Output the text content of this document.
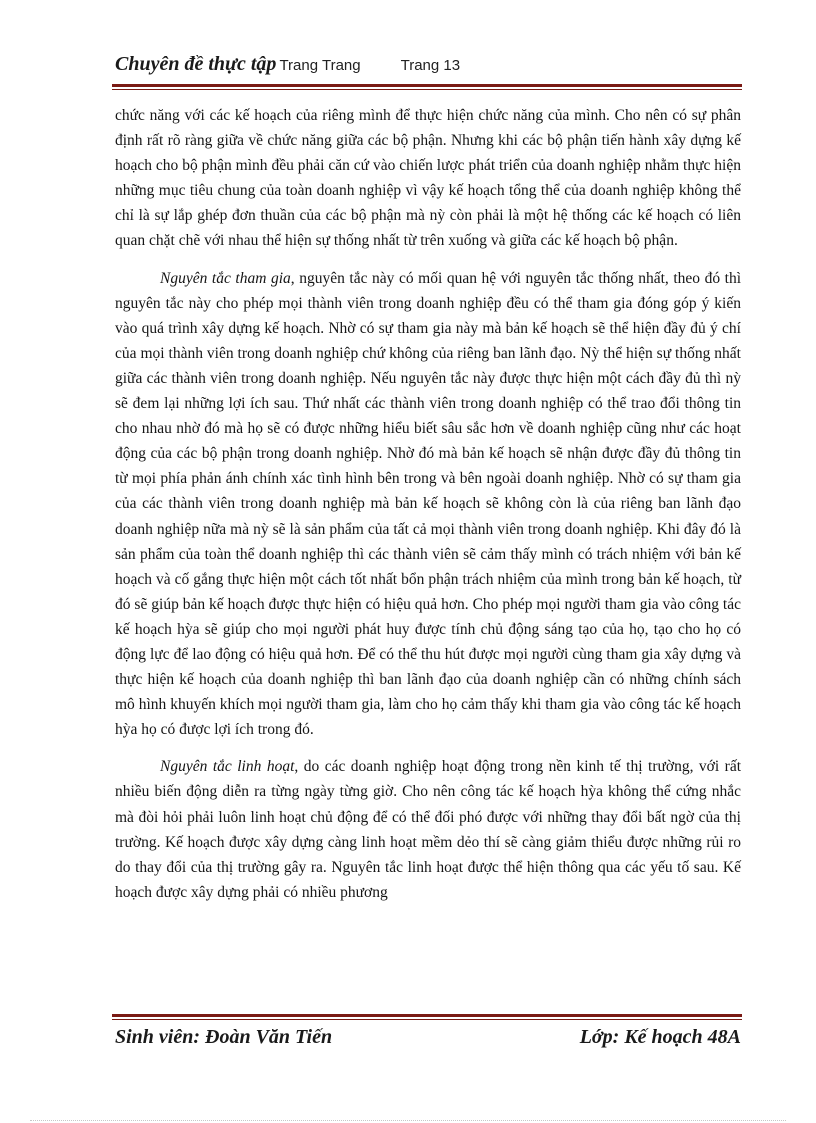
Chuyên đề thực tập Trang Trang	Trang 13

chức năng với các kế hoạch của riêng mình để thực hiện chức năng của mình. Cho nên có sự phân định rất rõ ràng giữa về chức năng giữa các bộ phận. Nhưng khi các bộ phận tiến hành xây dựng kế hoạch cho bộ phận mình đều phải căn cứ vào chiến lược phát triển của doanh nghiệp nhằm thực hiện những mục tiêu chung của toàn doanh nghiệp vì vậy kế hoạch tổng thể của doanh nghiệp không thể chỉ là sự lắp ghép đơn thuần của các bộ phận mà nỳ còn phải là một hệ thống các kế hoạch có liên quan chặt chẽ với nhau thể hiện sự thống nhất từ trên xuống và giữa các kế hoạch bộ phận.

Nguyên tắc tham gia, nguyên tắc này có mối quan hệ với nguyên tắc thống nhất, theo đó thì nguyên tắc này cho phép mọi thành viên trong doanh nghiệp đều có thể tham gia đóng góp ý kiến vào quá trình xây dựng kế hoạch. Nhờ có sự tham gia này mà bản kế hoạch sẽ thể hiện đầy đủ ý chí của mọi thành viên trong doanh nghiệp chứ không của riêng ban lãnh đạo. Nỳ thể hiện sự thống nhất giữa các thành viên trong doanh nghiệp. Nếu nguyên tắc này được thực hiện một cách đầy đủ thì nỳ sẽ đem lại những lợi ích sau. Thứ nhất các thành viên trong doanh nghiệp có thể trao đổi thông tin cho nhau nhờ đó mà họ sẽ có được những hiểu biết sâu sắc hơn về doanh nghiệp cũng như các hoạt động của các bộ phận trong doanh nghiệp. Nhờ đó mà bản kế hoạch sẽ nhận được đầy đủ thông tin từ mọi phía phản ánh chính xác tình hình bên trong và bên ngoài doanh nghiệp. Nhờ có sự tham gia của các thành viên trong doanh nghiệp mà bản kế hoạch sẽ không còn là của riêng ban lãnh đạo doanh nghiệp nữa mà nỳ sẽ là sản phẩm của tất cả mọi thành viên trong doanh nghiệp. Khi đây đó là sản phẩm của toàn thể doanh nghiệp thì các thành viên sẽ cảm thấy mình có trách nhiệm với bản kế hoạch và cố gắng thực hiện một cách tốt nhất bổn phận trách nhiệm của mình trong bản kế hoạch, từ đó sẽ giúp bản kế hoạch được thực hiện có hiệu quả hơn. Cho phép mọi người tham gia vào công tác kế hoạch hỳa sẽ giúp cho mọi người phát huy được tính chủ động sáng tạo của họ, tạo cho họ có động lực để lao động có hiệu quả hơn. Để có thể thu hút được mọi người cùng tham gia xây dựng và thực hiện kế hoạch của doanh nghiệp thì ban lãnh đạo của doanh nghiệp cần có những chính sách mô hình khuyến khích mọi người tham gia, làm cho họ cảm thấy khi tham gia vào công tác kế hoạch hỳa họ có được lợi ích trong đó.

Nguyên tắc linh hoạt, do các doanh nghiệp hoạt động trong nền kinh tế thị trường, với rất nhiều biến động diễn ra từng ngày từng giờ. Cho nên công tác kế hoạch hỳa không thể cứng nhắc mà đòi hỏi phải luôn linh hoạt chủ động để có thể đối phó được với những thay đổi bất ngờ của thị trường. Kế hoạch được xây dựng càng linh hoạt mềm dẻo thí sẽ càng giảm thiểu được những rủi ro do thay đổi của thị trường gây ra. Nguyên tắc linh hoạt được thể hiện thông qua các yếu tố sau. Kế hoạch được xây dựng phải có nhiều phương

Sinh viên: Đoàn Văn Tiến	Lớp: Kế hoạch 48A
